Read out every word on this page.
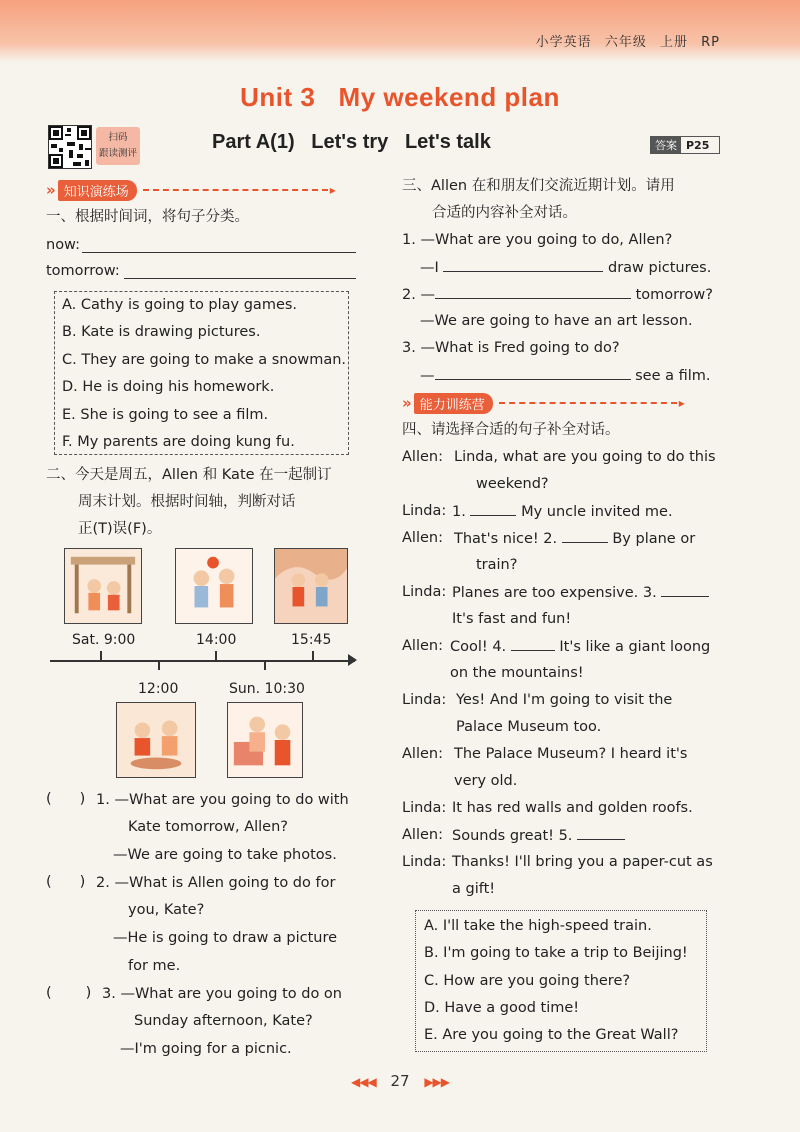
小学英语 六年级 上册 RP
Unit 3 My weekend plan
扫码
跟读测评
Part A(1)   Let's try   Let's talk	答案 P25
» 知识演练场	▸
一、根据时间词，将句子分类。
now:
tomorrow:
A. Cathy is going to play games.
B. Kate is drawing pictures.
C. They are going to make a snowman.
D. He is doing his homework.
E. She is going to see a film.
F. My parents are doing kung fu.
二、今天是周五，Allen 和 Kate 在一起制订
周末计划。根据时间轴，判断对话
正(T)误(F)。
Sat. 9:00	14:00	15:45
12:00	Sun. 10:30
( ) 1. —What are you going to do with
Kate tomorrow, Allen?
—We are going to take photos.
( ) 2. —What is Allen going to do for
you, Kate?
—He is going to draw a picture
for me.
( ) 3. —What are you going to do on
Sunday afternoon, Kate?
—I'm going for a picnic.
三、Allen 在和朋友们交流近期计划。请用
合适的内容补全对话。
1. —What are you going to do, Allen?
—I	draw pictures.
2. —	tomorrow?
—We are going to have an art lesson.
3. —What is Fred going to do?
—	see a film.
» 能力训练营	▸
四、请选择合适的句子补全对话。
Allen: Linda, what are you going to do this
weekend?
Linda: 1.	My uncle invited me.
Allen: That's nice! 2.	By plane or
train?
Linda: Planes are too expensive. 3.
It's fast and fun!
Allen: Cool! 4.	It's like a giant loong
on the mountains!
Linda: Yes! And I'm going to visit the
Palace Museum too.
Allen: The Palace Museum? I heard it's
very old.
Linda: It has red walls and golden roofs.
Allen: Sounds great! 5.
Linda: Thanks! I'll bring you a paper-cut as
a gift!
A. I'll take the high-speed train.
B. I'm going to take a trip to Beijing!
C. How are you going there?
D. Have a good time!
E. Are you going to the Great Wall?
◀◀◀ 27 ▶▶▶
